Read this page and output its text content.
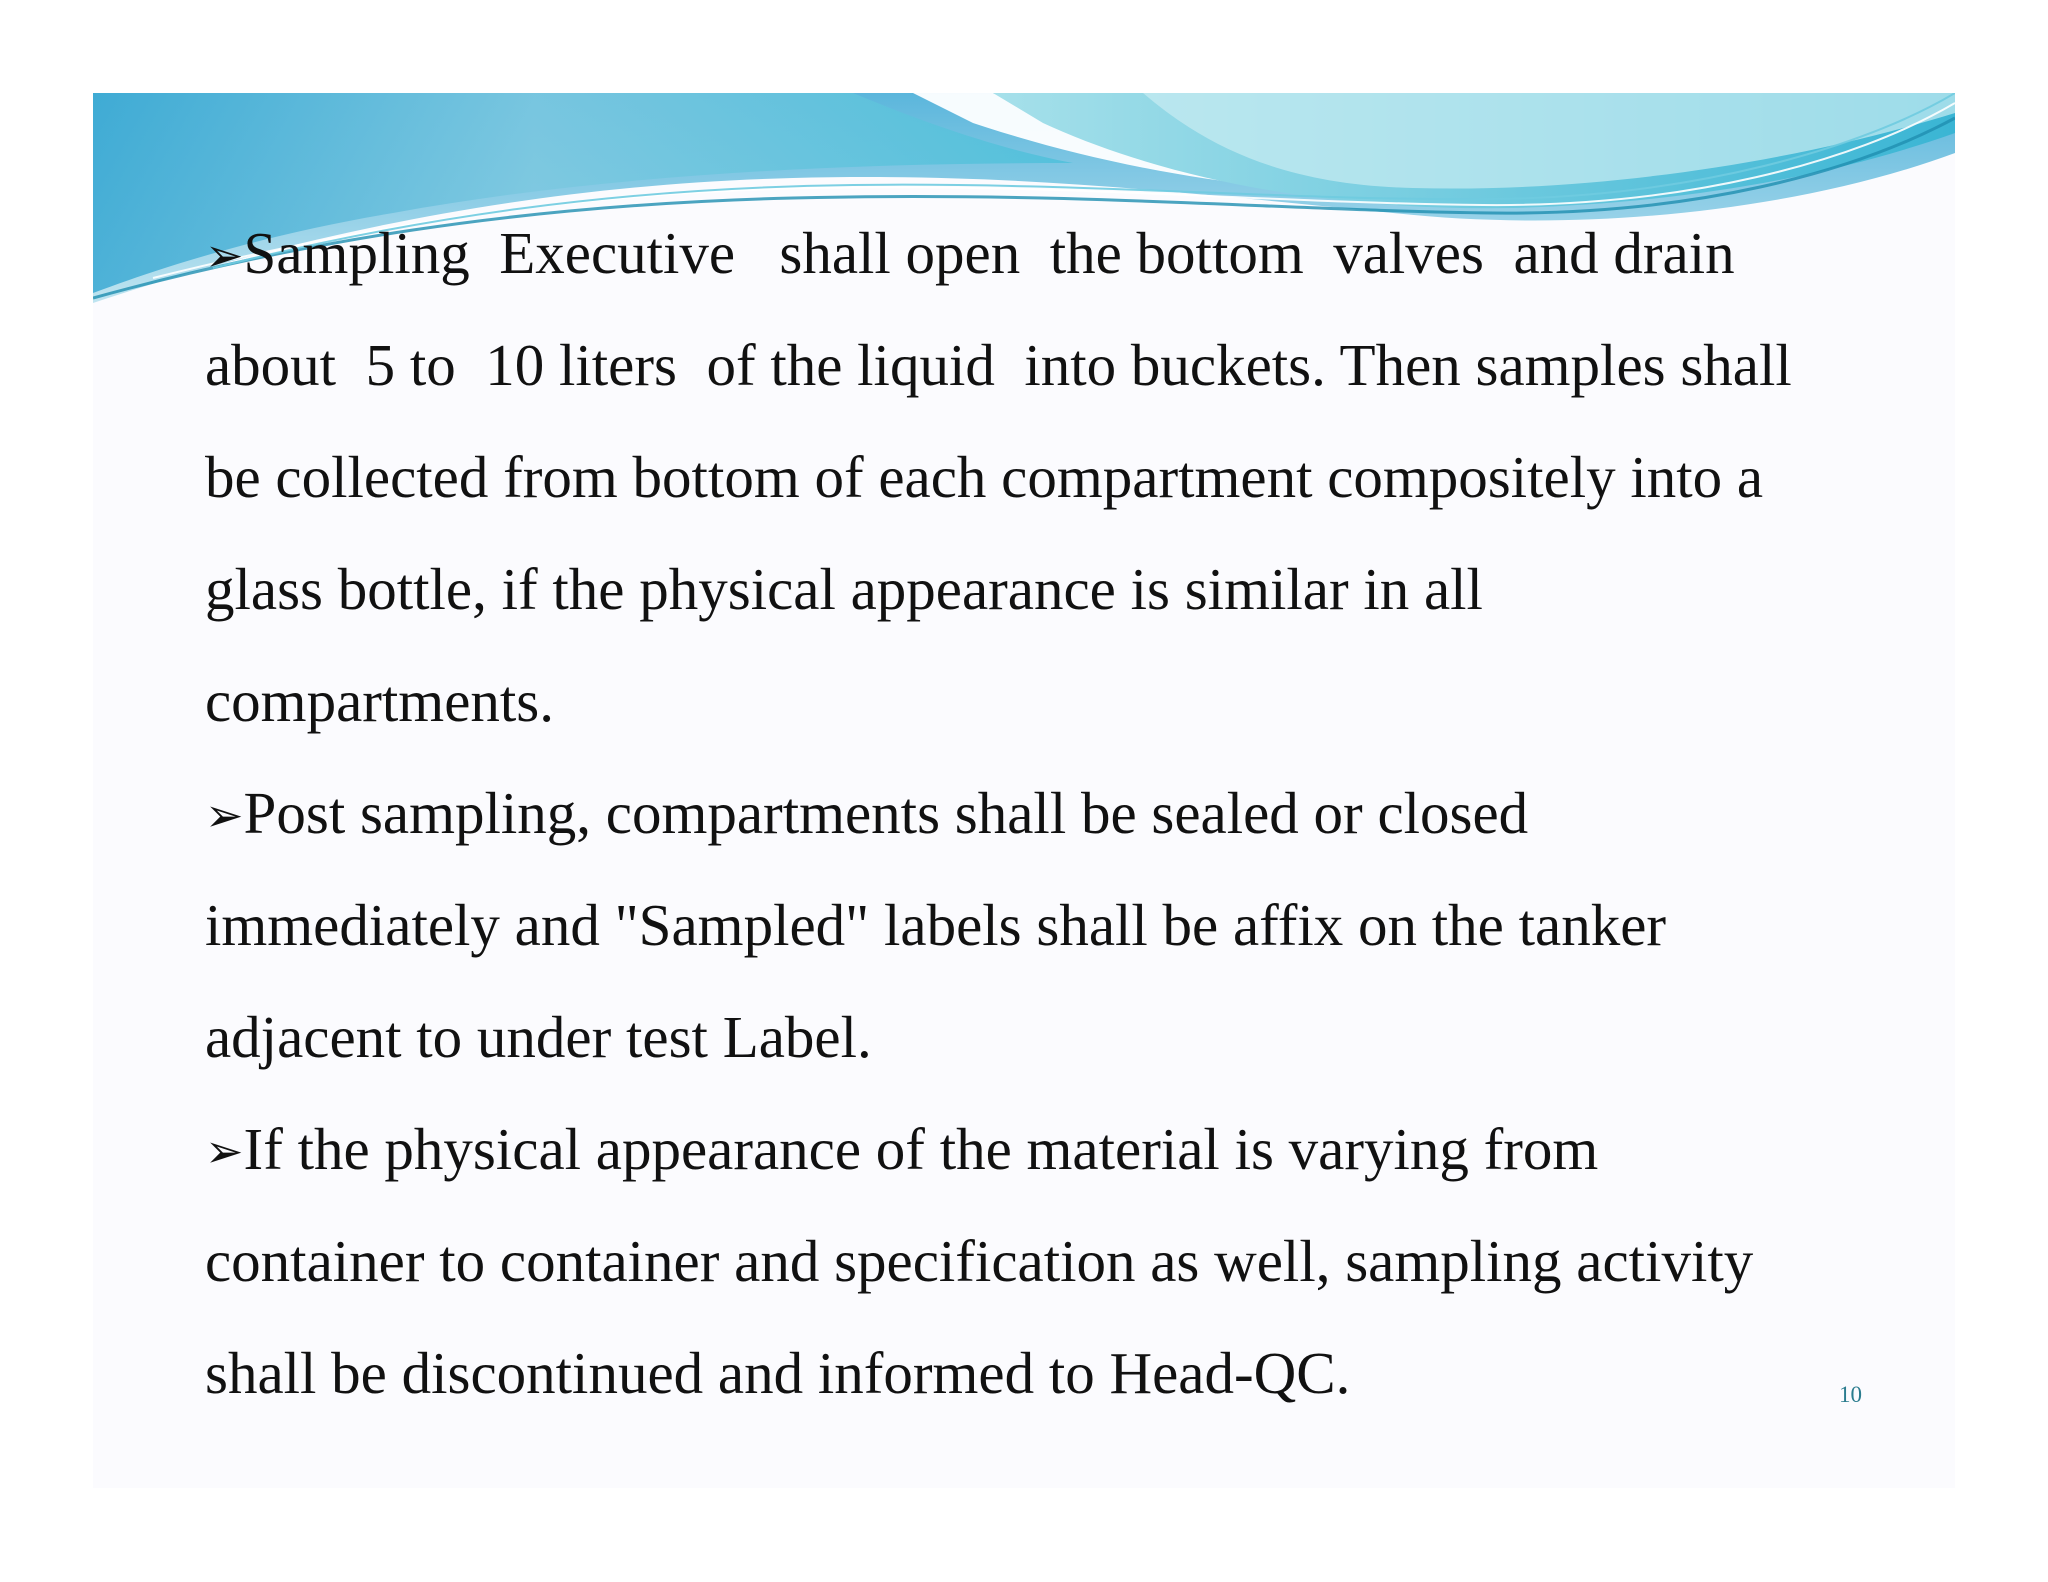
➢Sampling  Executive   shall open  the bottom  valves  and drain
about  5 to  10 liters  of the liquid  into buckets. Then samples shall
be collected from bottom of each compartment compositely into a
glass bottle, if the physical appearance is similar in all
compartments.
➢Post sampling, compartments shall be sealed or closed
immediately and "Sampled" labels shall be affix on the tanker
adjacent to under test Label.
➢If the physical appearance of the material is varying from
container to container and specification as well, sampling activity
shall be discontinued and informed to Head-QC.	10
